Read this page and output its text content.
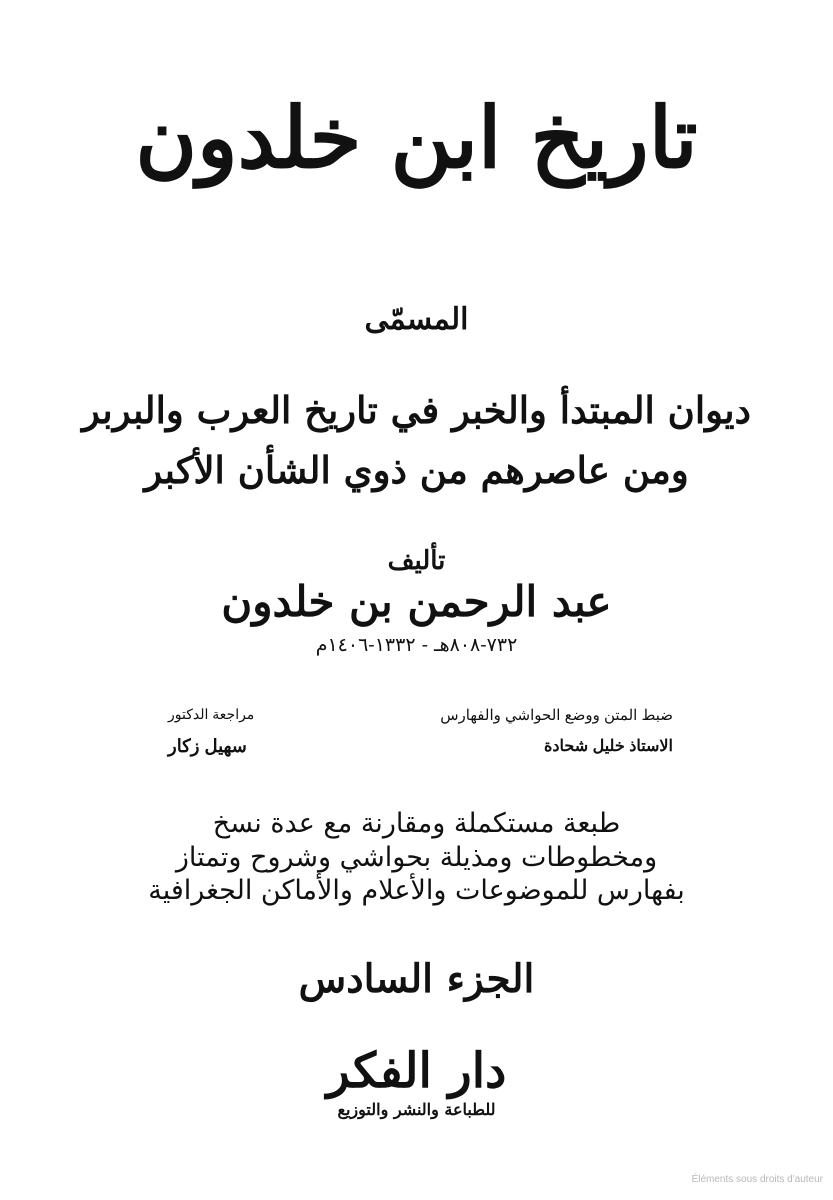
تاريخ ابن خلدون
المسمّى
ديوان المبتدأ والخبر في تاريخ العرب والبربر
ومن عاصرهم من ذوي الشأن الأكبر
تأليف
عبد الرحمن بن خلدون
٧٣٢-٨٠٨هـ - ١٣٣٢-١٤٠٦م
ضبط المتن ووضع الحواشي والفهارس
الاستاذ خليل شحادة
مراجعة الدكتور
سهيل زكار
طبعة مستكملة ومقارنة مع عدة نسخ
ومخطوطات ومذيلة بحواشي وشروح وتمتاز
بفهارس للموضوعات والأعلام والأماكن الجغرافية
الجزء السادس
دار الفكر
للطباعة والنشر والتوزيع
Éléments sous droits d'auteur
